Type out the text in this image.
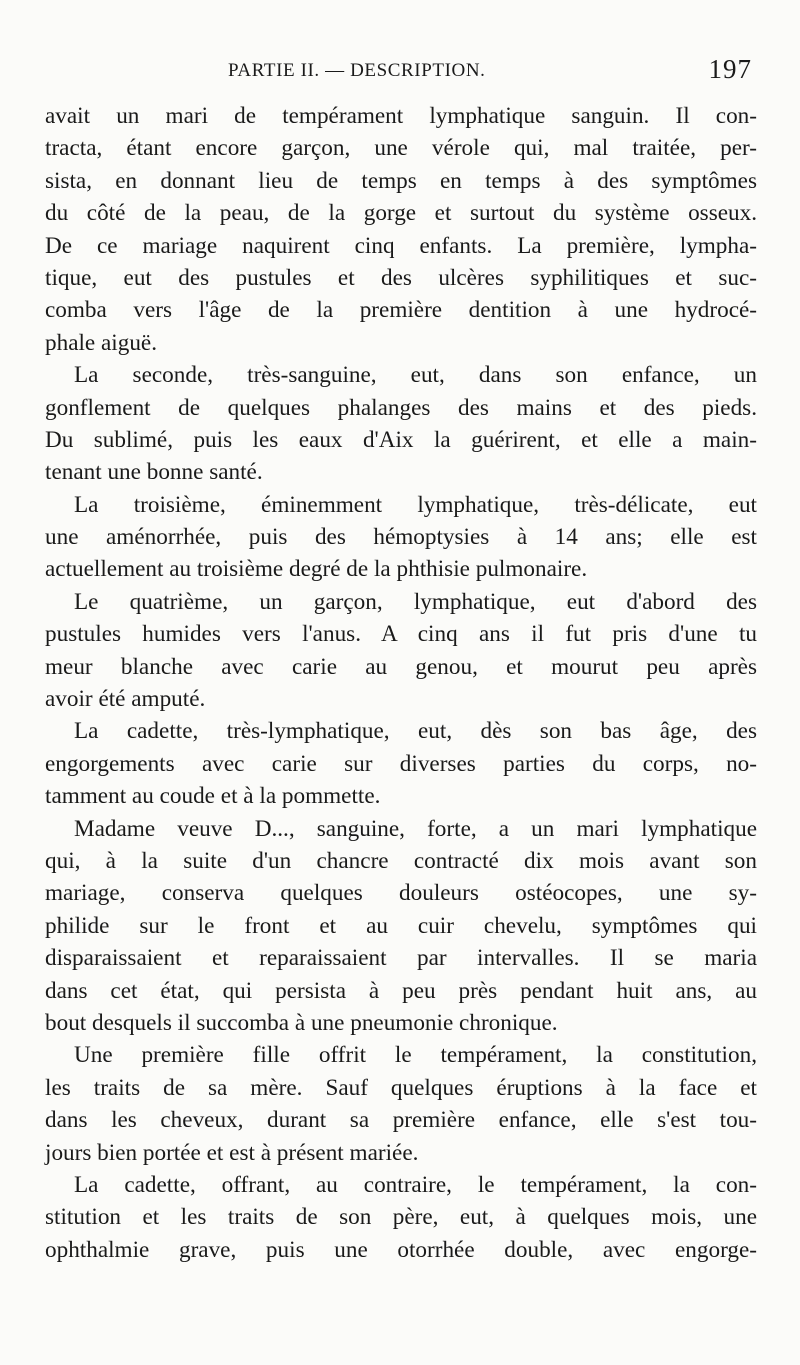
PARTIE II. — DESCRIPTION.	197
avait un mari de tempérament lymphatique sanguin. Il con-
tracta, étant encore garçon, une vérole qui, mal traitée, per-
sista, en donnant lieu de temps en temps à des symptômes
du côté de la peau, de la gorge et surtout du système osseux.
De ce mariage naquirent cinq enfants. La première, lympha-
tique, eut des pustules et des ulcères syphilitiques et suc-
comba vers l'âge de la première dentition à une hydrocé-
phale aiguë.
La seconde, très-sanguine, eut, dans son enfance, un
gonflement de quelques phalanges des mains et des pieds.
Du sublimé, puis les eaux d'Aix la guérirent, et elle a main-
tenant une bonne santé.
La troisième, éminemment lymphatique, très-délicate, eut
une aménorrhée, puis des hémoptysies à 14 ans; elle est
actuellement au troisième degré de la phthisie pulmonaire.
Le quatrième, un garçon, lymphatique, eut d'abord des
pustules humides vers l'anus. A cinq ans il fut pris d'une tu
meur blanche avec carie au genou, et mourut peu après
avoir été amputé.
La cadette, très-lymphatique, eut, dès son bas âge, des
engorgements avec carie sur diverses parties du corps, no-
tamment au coude et à la pommette.
Madame veuve D..., sanguine, forte, a un mari lymphatique
qui, à la suite d'un chancre contracté dix mois avant son
mariage, conserva quelques douleurs ostéocopes, une sy-
philide sur le front et au cuir chevelu, symptômes qui
disparaissaient et reparaissaient par intervalles. Il se maria
dans cet état, qui persista à peu près pendant huit ans, au
bout desquels il succomba à une pneumonie chronique.
Une première fille offrit le tempérament, la constitution,
les traits de sa mère. Sauf quelques éruptions à la face et
dans les cheveux, durant sa première enfance, elle s'est tou-
jours bien portée et est à présent mariée.
La cadette, offrant, au contraire, le tempérament, la con-
stitution et les traits de son père, eut, à quelques mois, une
ophthalmie grave, puis une otorrhée double, avec engorge-
